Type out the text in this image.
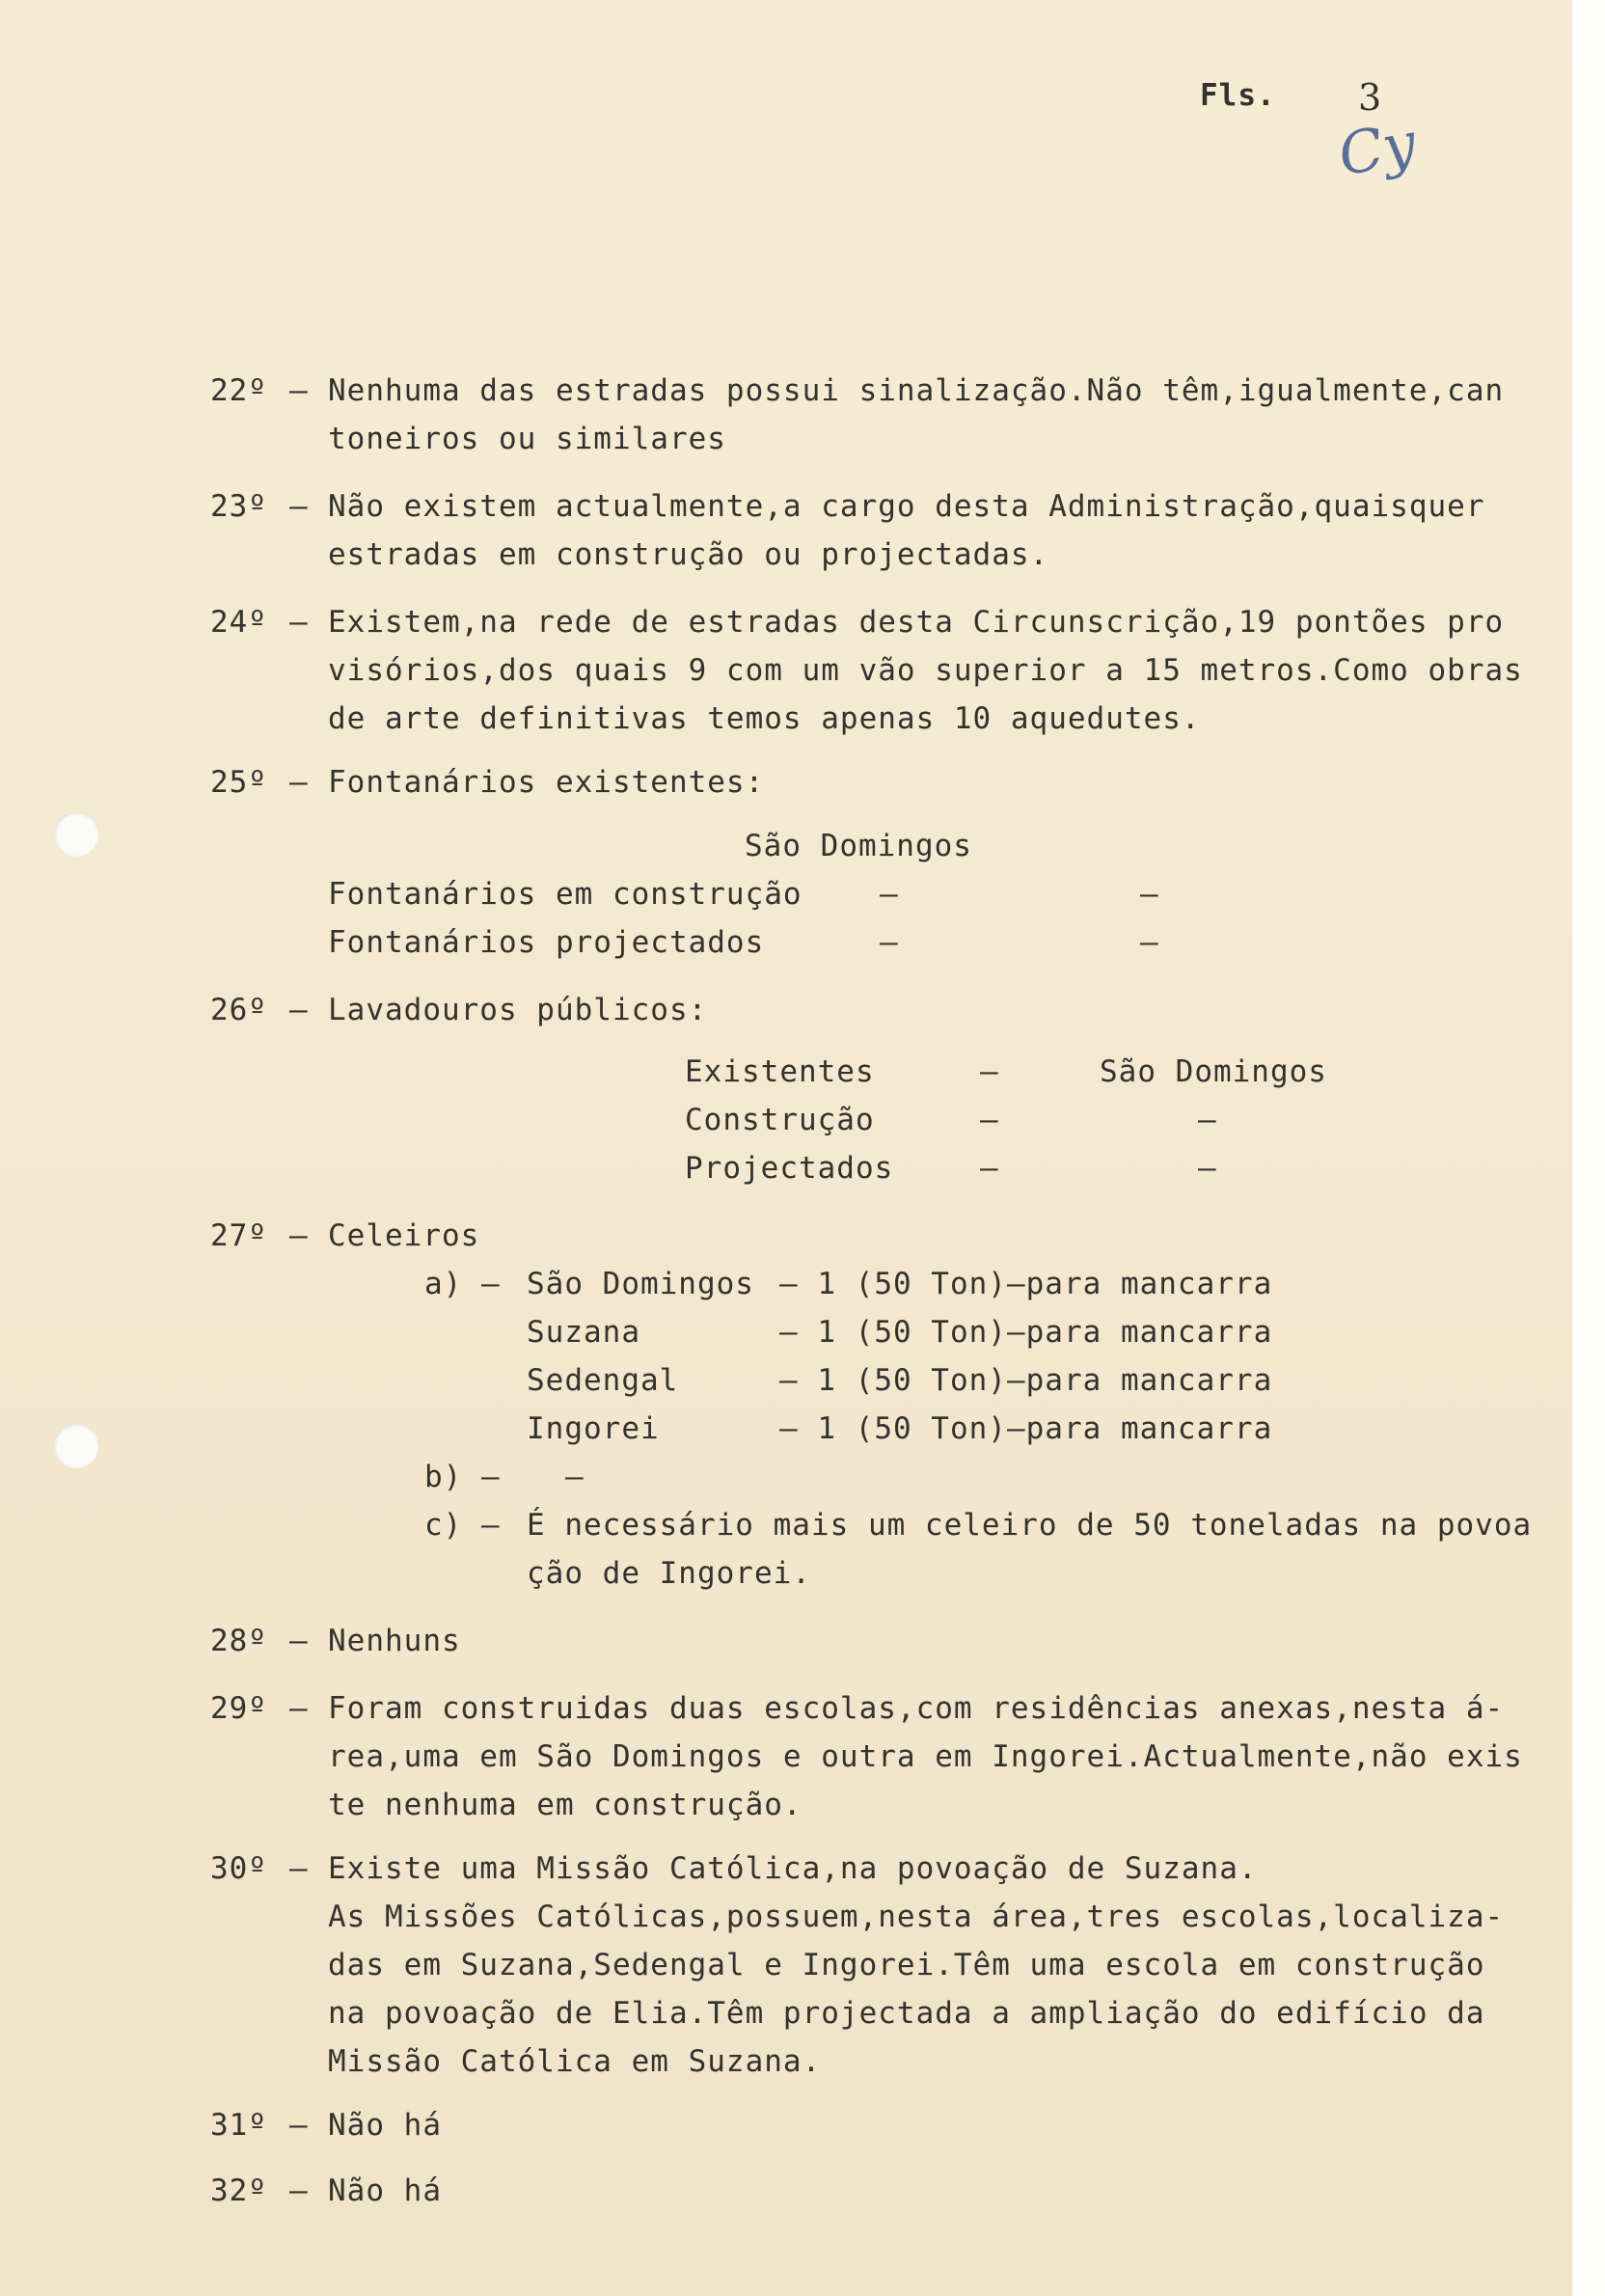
Fls. 3
Cy
22º – Nenhuma das estradas possui sinalização.Não têm,igualmente,can
toneiros ou similares
23º – Não existem actualmente,a cargo desta Administração,quaisquer
estradas em construção ou projectadas.
24º – Existem,na rede de estradas desta Circunscrição,19 pontões pro
visórios,dos quais 9 com um vão superior a 15 metros.Como obras
de arte definitivas temos apenas 10 aquedutes.
25º – Fontanários existentes:
São Domingos
Fontanários em construção	–	–
Fontanários projectados	–	–
26º – Lavadouros públicos:
Existentes	–	São Domingos
Construção	–	–
Projectados	–	–
27º – Celeiros
a) – São Domingos – 1 (50 Ton)–para mancarra
Suzana	– 1 (50 Ton)–para mancarra
Sedengal	– 1 (50 Ton)–para mancarra
Ingorei	– 1 (50 Ton)–para mancarra
b) – –
c) – É necessário mais um celeiro de 50 toneladas na povoa
ção de Ingorei.
28º – Nenhuns
29º – Foram construidas duas escolas,com residências anexas,nesta á-
rea,uma em São Domingos e outra em Ingorei.Actualmente,não exis
te nenhuma em construção.
30º – Existe uma Missão Católica,na povoação de Suzana.
As Missões Católicas,possuem,nesta área,tres escolas,localiza-
das em Suzana,Sedengal e Ingorei.Têm uma escola em construção
na povoação de Elia.Têm projectada a ampliação do edifício da
Missão Católica em Suzana.
31º – Não há
32º – Não há
